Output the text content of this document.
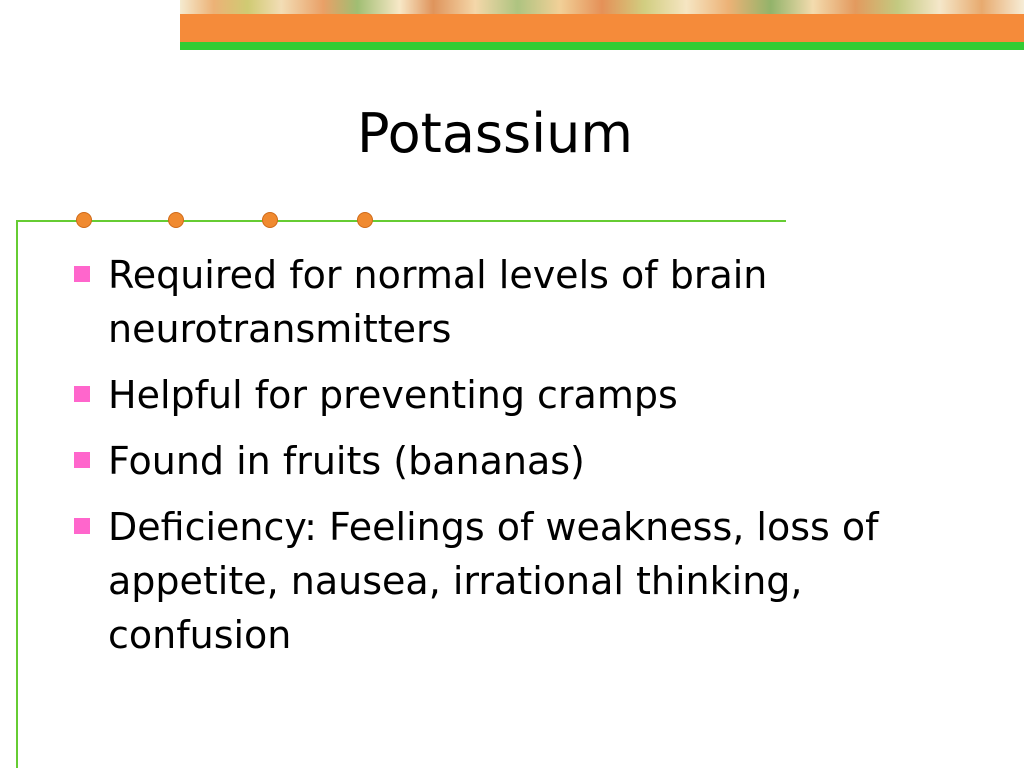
Potassium
Required for normal levels of brain neurotransmitters
Helpful for preventing cramps
Found in fruits (bananas)
Deficiency: Feelings of weakness, loss of appetite, nausea, irrational thinking, confusion
